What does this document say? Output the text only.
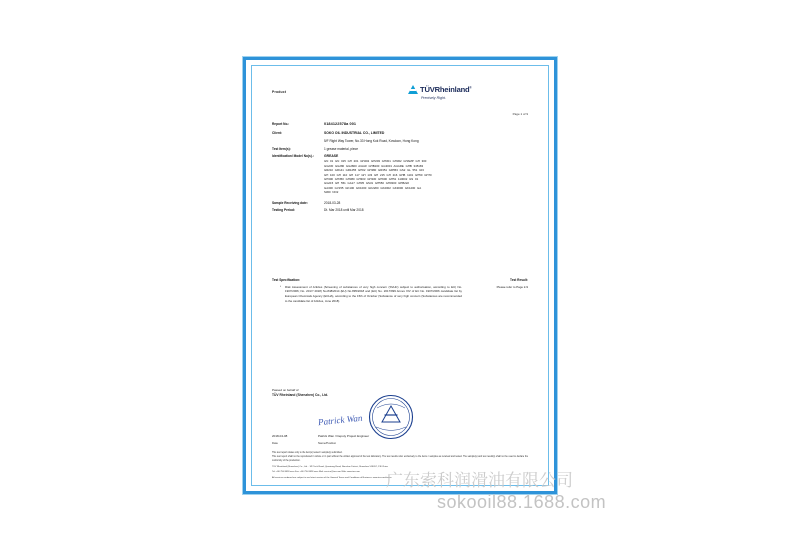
Product	TÜVRheinland®
Precisely Right.
Page 1 of 9
Report No.:	0184122578a 001
Client:	SOKO OIL INDUSTRIAL CO., LIMITED
5/F Right Way Tower, No.33 Hong Kok Road, Kowloon, Hong Kong
Test Item(s):	1 grease material, piece
Identification/ Model No(s).:	GREASE
GN 01 GN 015 GH 201 GH202 GH203 GH301 GH302 GHAMP GH 300
GG230 GG280 GG2800 AGGR GHB100 GG3001 AGGRE GHB 345183
GR210 GR141 GR1255 GH02 GH380 GR351 GR553 GS2 GL 551 103
GH 100 GH 110 GH 117 GH 133 GH 215 GH 216 GHB 1101 GH50 GH70
GH300 GH350 GH380 GH303 GH330 GH600 GH51 110002 GS 01
GG215 GH 551 GA17 GH35 GS31 GH550 GH0300 GHB222
GA300 GV155 GK100 GK1000 GK2200 GK2002 GK3000 GK1200 GA
S300 NO2
Sample Receiving date:	2018-03-28
Testing Period:	Dt. Mar 2018 until Mar 2018
Test Specification:	Test Result:
• Risk Assessment of Articles (Screening of substances of very high concern (SVHC) subject to authorisation, according to EU) No. 1907/2006; No. 2017/ 2018) No.848/2014 (EU) No.895/2018 and (EU) No. 2017/999 Annex XIV of EC No. 1907/2006 candidate list by European Chemicals Agency (ECHA), according to the 15th of October (Substance of very high concern (Substances are recommended to the candidate list of Articles, June 2018)
Please refer to Page 2-9
Passed on behalf of
TÜV Rheinland (Shenzhen) Co., Ltd.
Patrick Wan
2018-04-08	Patrick Wan / Deputy Project Engineer
Date	Name/Position

This test report relates only to the item(s) tested / sample(s) submitted.

This test report shall not be reproduced in whole or in part without the written approval of the test laboratory. The test results refer exclusively to the items / samples as received and tested. The sample(s) and test result(s) shall not be used to declare the conformity of the production.

TÜV Rheinland (Shenzhen) Co., Ltd. · 3/F Tech Road, Qiaoxiang Road, Nanshan District, Shenzhen 518057, P.R.China

Tel: +86 755 8828 xxxx Fax: +86 755 8828 xxxx Mail: service@tuv.com Web: www.tuv.com

All services rendered are subject to our latest version of the General Terms and Conditions of Business: www.tuv.com/terms

广东索科润滑油有限公司
sokooil88.1688.com
